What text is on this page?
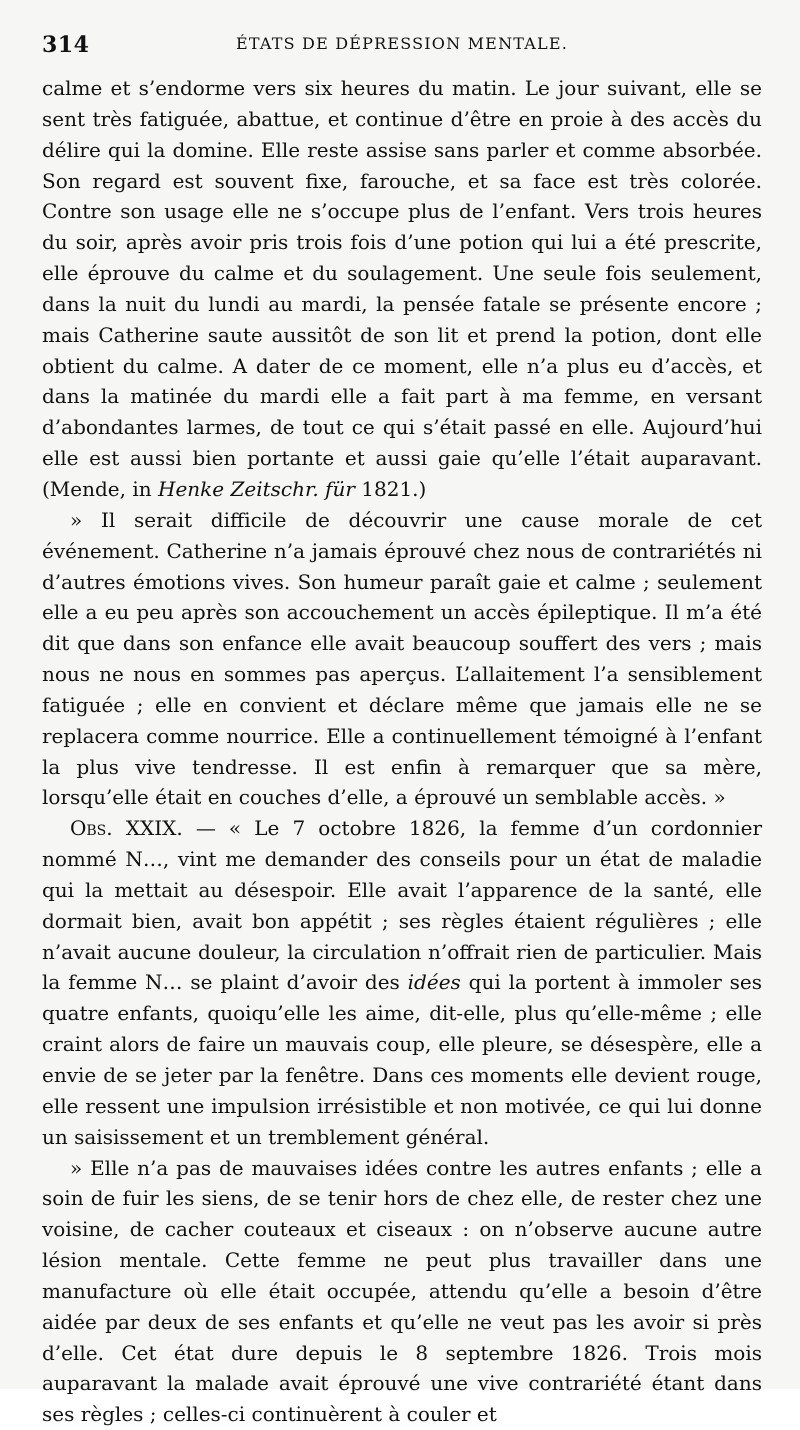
314	ÉTATS DE DÉPRESSION MENTALE.

calme et s’endorme vers six heures du matin. Le jour suivant, elle se sent très fatiguée, abattue, et continue d’être en proie à des accès du délire qui la domine. Elle reste assise sans parler et comme absorbée. Son regard est souvent fixe, farouche, et sa face est très colorée. Contre son usage elle ne s’occupe plus de l’enfant. Vers trois heures du soir, après avoir pris trois fois d’une potion qui lui a été prescrite, elle éprouve du calme et du soulagement. Une seule fois seulement, dans la nuit du lundi au mardi, la pensée fatale se présente encore ; mais Catherine saute aussitôt de son lit et prend la potion, dont elle obtient du calme. A dater de ce moment, elle n’a plus eu d’accès, et dans la matinée du mardi elle a fait part à ma femme, en versant d’abondantes larmes, de tout ce qui s’était passé en elle. Aujourd’hui elle est aussi bien portante et aussi gaie qu’elle l’était auparavant. (Mende, in Henke Zeitschr. für 1821.)

» Il serait difficile de découvrir une cause morale de cet événement. Catherine n’a jamais éprouvé chez nous de contrariétés ni d’autres émotions vives. Son humeur paraît gaie et calme ; seulement elle a eu peu après son accouchement un accès épileptique. Il m’a été dit que dans son enfance elle avait beaucoup souffert des vers ; mais nous ne nous en sommes pas aperçus. L’allaitement l’a sensiblement fatiguée ; elle en convient et déclare même que jamais elle ne se replacera comme nourrice. Elle a continuellement témoigné à l’enfant la plus vive tendresse. Il est enfin à remarquer que sa mère, lorsqu’elle était en couches d’elle, a éprouvé un semblable accès. »

Obs. XXIX. — « Le 7 octobre 1826, la femme d’un cordonnier nommé N…, vint me demander des conseils pour un état de maladie qui la mettait au désespoir. Elle avait l’apparence de la santé, elle dormait bien, avait bon appétit ; ses règles étaient régulières ; elle n’avait aucune douleur, la circulation n’offrait rien de particulier. Mais la femme N… se plaint d’avoir des idées qui la portent à immoler ses quatre enfants, quoiqu’elle les aime, dit-elle, plus qu’elle-même ; elle craint alors de faire un mauvais coup, elle pleure, se désespère, elle a envie de se jeter par la fenêtre. Dans ces moments elle devient rouge, elle ressent une impulsion irrésistible et non motivée, ce qui lui donne un saisissement et un tremblement général.

» Elle n’a pas de mauvaises idées contre les autres enfants ; elle a soin de fuir les siens, de se tenir hors de chez elle, de rester chez une voisine, de cacher couteaux et ciseaux : on n’observe aucune autre lésion mentale. Cette femme ne peut plus travailler dans une manufacture où elle était occupée, attendu qu’elle a besoin d’être aidée par deux de ses enfants et qu’elle ne veut pas les avoir si près d’elle. Cet état dure depuis le 8 septembre 1826. Trois mois auparavant la malade avait éprouvé une vive contrariété étant dans ses règles ; celles-ci continuèrent à couler et
